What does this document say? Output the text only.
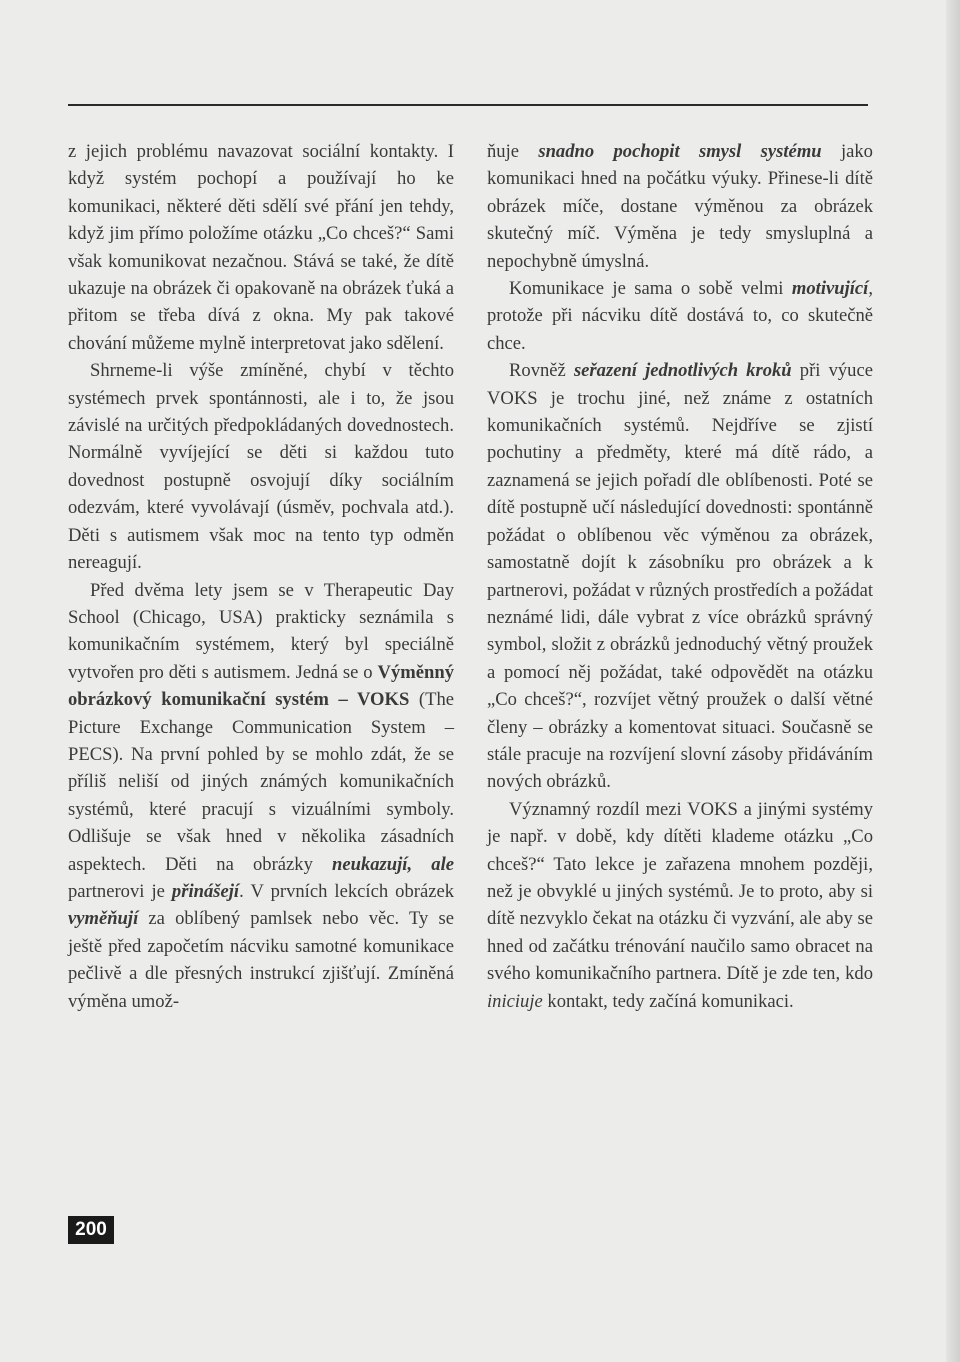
z jejich problému navazovat sociální kontakty. I když systém pochopí a používají ho ke komunikaci, některé děti sdělí své přání jen tehdy, když jim přímo položíme otázku „Co chceš?“ Sami však komunikovat nezačnou. Stává se také, že dítě ukazuje na obrázek či opakovaně na obrázek ťuká a přitom se třeba dívá z okna. My pak takové chování můžeme mylně interpretovat jako sdělení.

Shrneme-li výše zmíněné, chybí v těchto systémech prvek spontánnosti, ale i to, že jsou závislé na určitých předpokládaných dovednostech. Normálně vyvíjející se děti si každou tuto dovednost postupně osvojují díky sociálním odezvám, které vyvolávají (úsměv, pochvala atd.). Děti s autismem však moc na tento typ odměn nereagují.

Před dvěma lety jsem se v Therapeutic Day School (Chicago, USA) prakticky seznámila s komunikačním systémem, který byl speciálně vytvořen pro děti s autismem. Jedná se o Výměnný obrázkový komunikační systém – VOKS (The Picture Exchange Communication System – PECS). Na první pohled by se mohlo zdát, že se příliš neliší od jiných známých komunikačních systémů, které pracují s vizuálními symboly. Odlišuje se však hned v několika zásadních aspektech. Děti na obrázky neukazují, ale partnerovi je přinášejí. V prvních lekcích obrázek vyměňují za oblíbený pamlsek nebo věc. Ty se ještě před započetím nácviku samotné komunikace pečlivě a dle přesných instrukcí zjišťují. Zmíněná výměna umož-

ňuje snadno pochopit smysl systému jako komunikaci hned na počátku výuky. Přinese-li dítě obrázek míče, dostane výměnou za obrázek skutečný míč. Výměna je tedy smysluplná a nepochybně úmyslná.

Komunikace je sama o sobě velmi motivující, protože při nácviku dítě dostává to, co skutečně chce.

Rovněž seřazení jednotlivých kroků při výuce VOKS je trochu jiné, než známe z ostatních komunikačních systémů. Nejdříve se zjistí pochutiny a předměty, které má dítě rádo, a zaznamená se jejich pořadí dle oblíbenosti. Poté se dítě postupně učí následující dovednosti: spontánně požádat o oblíbenou věc výměnou za obrázek, samostatně dojít k zásobníku pro obrázek a k partnerovi, požádat v různých prostředích a požádat neznámé lidi, dále vybrat z více obrázků správný symbol, složit z obrázků jednoduchý větný proužek a pomocí něj požádat, také odpovědět na otázku „Co chceš?“, rozvíjet větný proužek o další větné členy – obrázky a komentovat situaci. Současně se stále pracuje na rozvíjení slovní zásoby přidáváním nových obrázků.

Významný rozdíl mezi VOKS a jinými systémy je např. v době, kdy dítěti klademe otázku „Co chceš?“ Tato lekce je zařazena mnohem později, než je obvyklé u jiných systémů. Je to proto, aby si dítě nezvyklo čekat na otázku či vyzvání, ale aby se hned od začátku trénování naučilo samo obracet na svého komunikačního partnera. Dítě je zde ten, kdo iniciuje kontakt, tedy začíná komunikaci.

200
